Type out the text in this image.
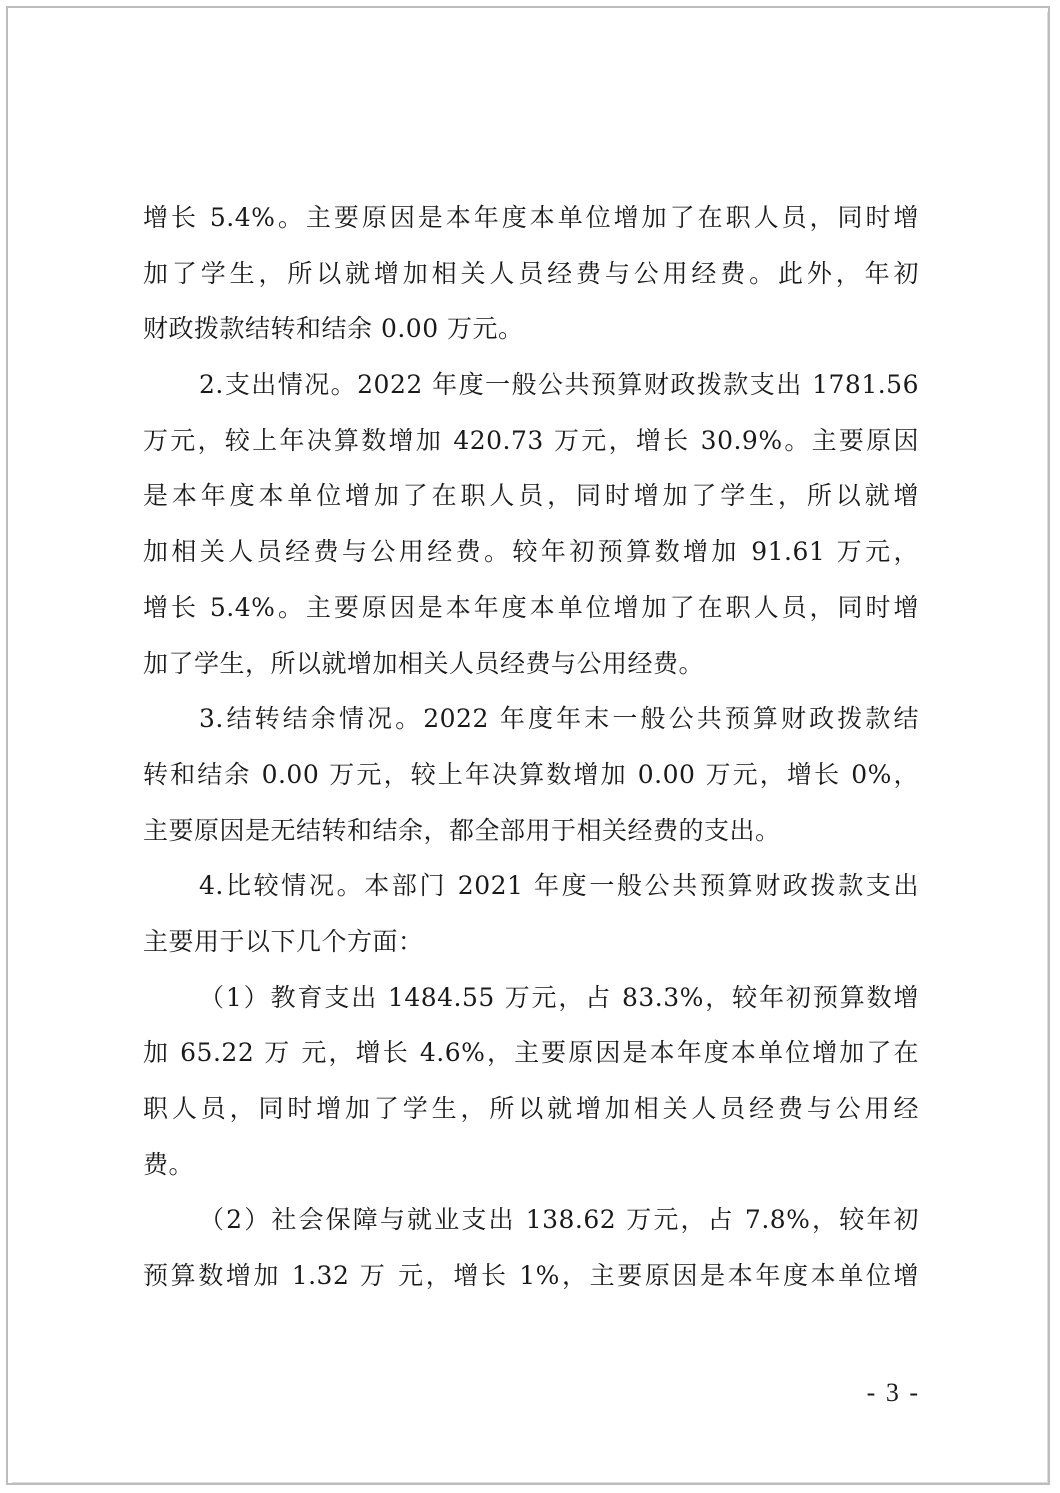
增长 5.4%。主要原因是本年度本单位增加了在职人员，同时增
加了学生，所以就增加相关人员经费与公用经费。此外，年初
财政拨款结转和结余 0.00 万元。
2.支出情况。2022 年度一般公共预算财政拨款支出 1781.56
万元，较上年决算数增加 420.73 万元，增长 30.9%。主要原因
是本年度本单位增加了在职人员，同时增加了学生，所以就增
加相关人员经费与公用经费。较年初预算数增加 91.61 万元，
增长 5.4%。主要原因是本年度本单位增加了在职人员，同时增
加了学生，所以就增加相关人员经费与公用经费。
3.结转结余情况。2022 年度年末一般公共预算财政拨款结
转和结余 0.00 万元，较上年决算数增加 0.00 万元，增长 0%，
主要原因是无结转和结余，都全部用于相关经费的支出。
4.比较情况。本部门 2021 年度一般公共预算财政拨款支出
主要用于以下几个方面：
（1）教育支出 1484.55 万元，占 83.3%，较年初预算数增
加 65.22 万 元，增长 4.6%，主要原因是本年度本单位增加了在
职人员，同时增加了学生，所以就增加相关人员经费与公用经
费。
（2）社会保障与就业支出 138.62 万元，占 7.8%，较年初
预算数增加 1.32 万 元，增长 1%，主要原因是本年度本单位增
- 3 -
